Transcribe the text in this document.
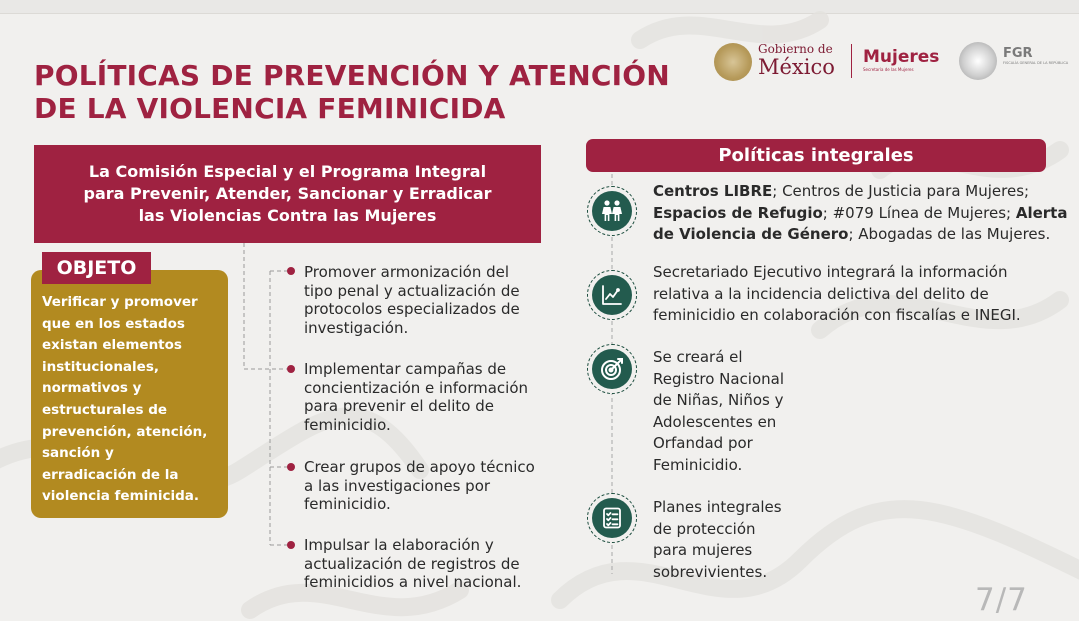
POLÍTICAS DE PREVENCIÓN Y ATENCIÓN
DE LA VIOLENCIA FEMINICIDA
Gobierno de
México Mujeres
Secretaría de las Mujeres
FGR
FISCALÍA GENERAL DE LA REPÚBLICA
La Comisión Especial y el Programa Integral
para Prevenir, Atender, Sancionar y Erradicar
las Violencias Contra las Mujeres
OBJETO
Verificar y promover
que en los estados
existan elementos
institucionales,
normativos y
estructurales de
prevención, atención,
sanción y
erradicación de la
violencia feminicida.
Promover armonización del
tipo penal y actualización de
protocolos especializados de
investigación.
Implementar campañas de
concientización e información
para prevenir el delito de
feminicidio.
Crear grupos de apoyo técnico
a las investigaciones por
feminicidio.
Impulsar la elaboración y
actualización de registros de
feminicidios a nivel nacional.
Políticas integrales
Centros LIBRE; Centros de Justicia para Mujeres;
Espacios de Refugio; #079 Línea de Mujeres; Alerta
de Violencia de Género; Abogadas de las Mujeres.
Secretariado Ejecutivo integrará la información
relativa a la incidencia delictiva del delito de
feminicidio en colaboración con fiscalías e INEGI.
Se creará el
Registro Nacional
de Niñas, Niños y
Adolescentes en
Orfandad por
Feminicidio.
Planes integrales
de protección
para mujeres
sobrevivientes.
7/7
